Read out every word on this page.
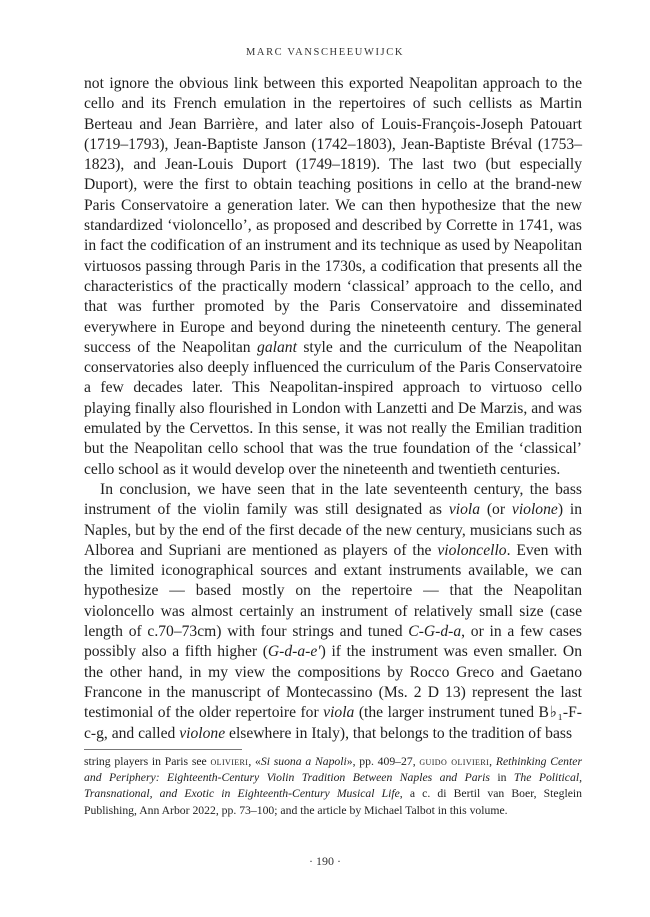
MARC VANSCHEEUWIJCK

not ignore the obvious link between this exported Neapolitan approach to the cello and its French emulation in the repertoires of such cellists as Martin Berteau and Jean Barrière, and later also of Louis-François-Joseph Patouart (1719–1793), Jean-Baptiste Janson (1742–1803), Jean-Baptiste Bréval (1753–1823), and Jean-Louis Duport (1749–1819). The last two (but especially Duport), were the first to obtain teaching positions in cello at the brand-new Paris Conservatoire a generation later. We can then hypothesize that the new standardized ‘violoncello’, as proposed and described by Corrette in 1741, was in fact the codification of an instrument and its technique as used by Neapolitan virtuosos passing through Paris in the 1730s, a codification that presents all the characteristics of the practically modern ‘classical’ approach to the cello, and that was further promoted by the Paris Conservatoire and disseminated everywhere in Europe and beyond during the nineteenth century. The general success of the Neapolitan galant style and the curriculum of the Neapolitan conservatories also deeply influenced the curriculum of the Paris Conservatoire a few decades later. This Neapolitan-inspired approach to virtuoso cello playing finally also flourished in London with Lanzetti and De Marzis, and was emulated by the Cervettos. In this sense, it was not really the Emilian tradition but the Neapolitan cello school that was the true foundation of the ‘classical’ cello school as it would develop over the nineteenth and twentieth centuries.

In conclusion, we have seen that in the late seventeenth century, the bass instrument of the violin family was still designated as viola (or violone) in Naples, but by the end of the first decade of the new century, musicians such as Alborea and Supriani are mentioned as players of the violoncello. Even with the limited iconographical sources and extant instruments available, we can hypothesize — based mostly on the repertoire — that the Neapolitan violoncello was almost certainly an instrument of relatively small size (case length of c.70–73cm) with four strings and tuned C-G-d-a, or in a few cases possibly also a fifth higher (G-d-a-e′) if the instrument was even smaller. On the other hand, in my view the compositions by Rocco Greco and Gaetano Francone in the manuscript of Montecassino (Ms. 2 D 13) represent the last testimonial of the older repertoire for viola (the larger instrument tuned B♭₁-F-c-g, and called violone elsewhere in Italy), that belongs to the tradition of bass

string players in Paris see olivieri, «Si suona a Napoli», pp. 409–27, guido olivieri, Rethinking Center and Periphery: Eighteenth-Century Violin Tradition Between Naples and Paris in The Political, Transnational, and Exotic in Eighteenth-Century Musical Life, a c. di Bertil van Boer, Steglein Publishing, Ann Arbor 2022, pp. 73–100; and the article by Michael Talbot in this volume.

· 190 ·
